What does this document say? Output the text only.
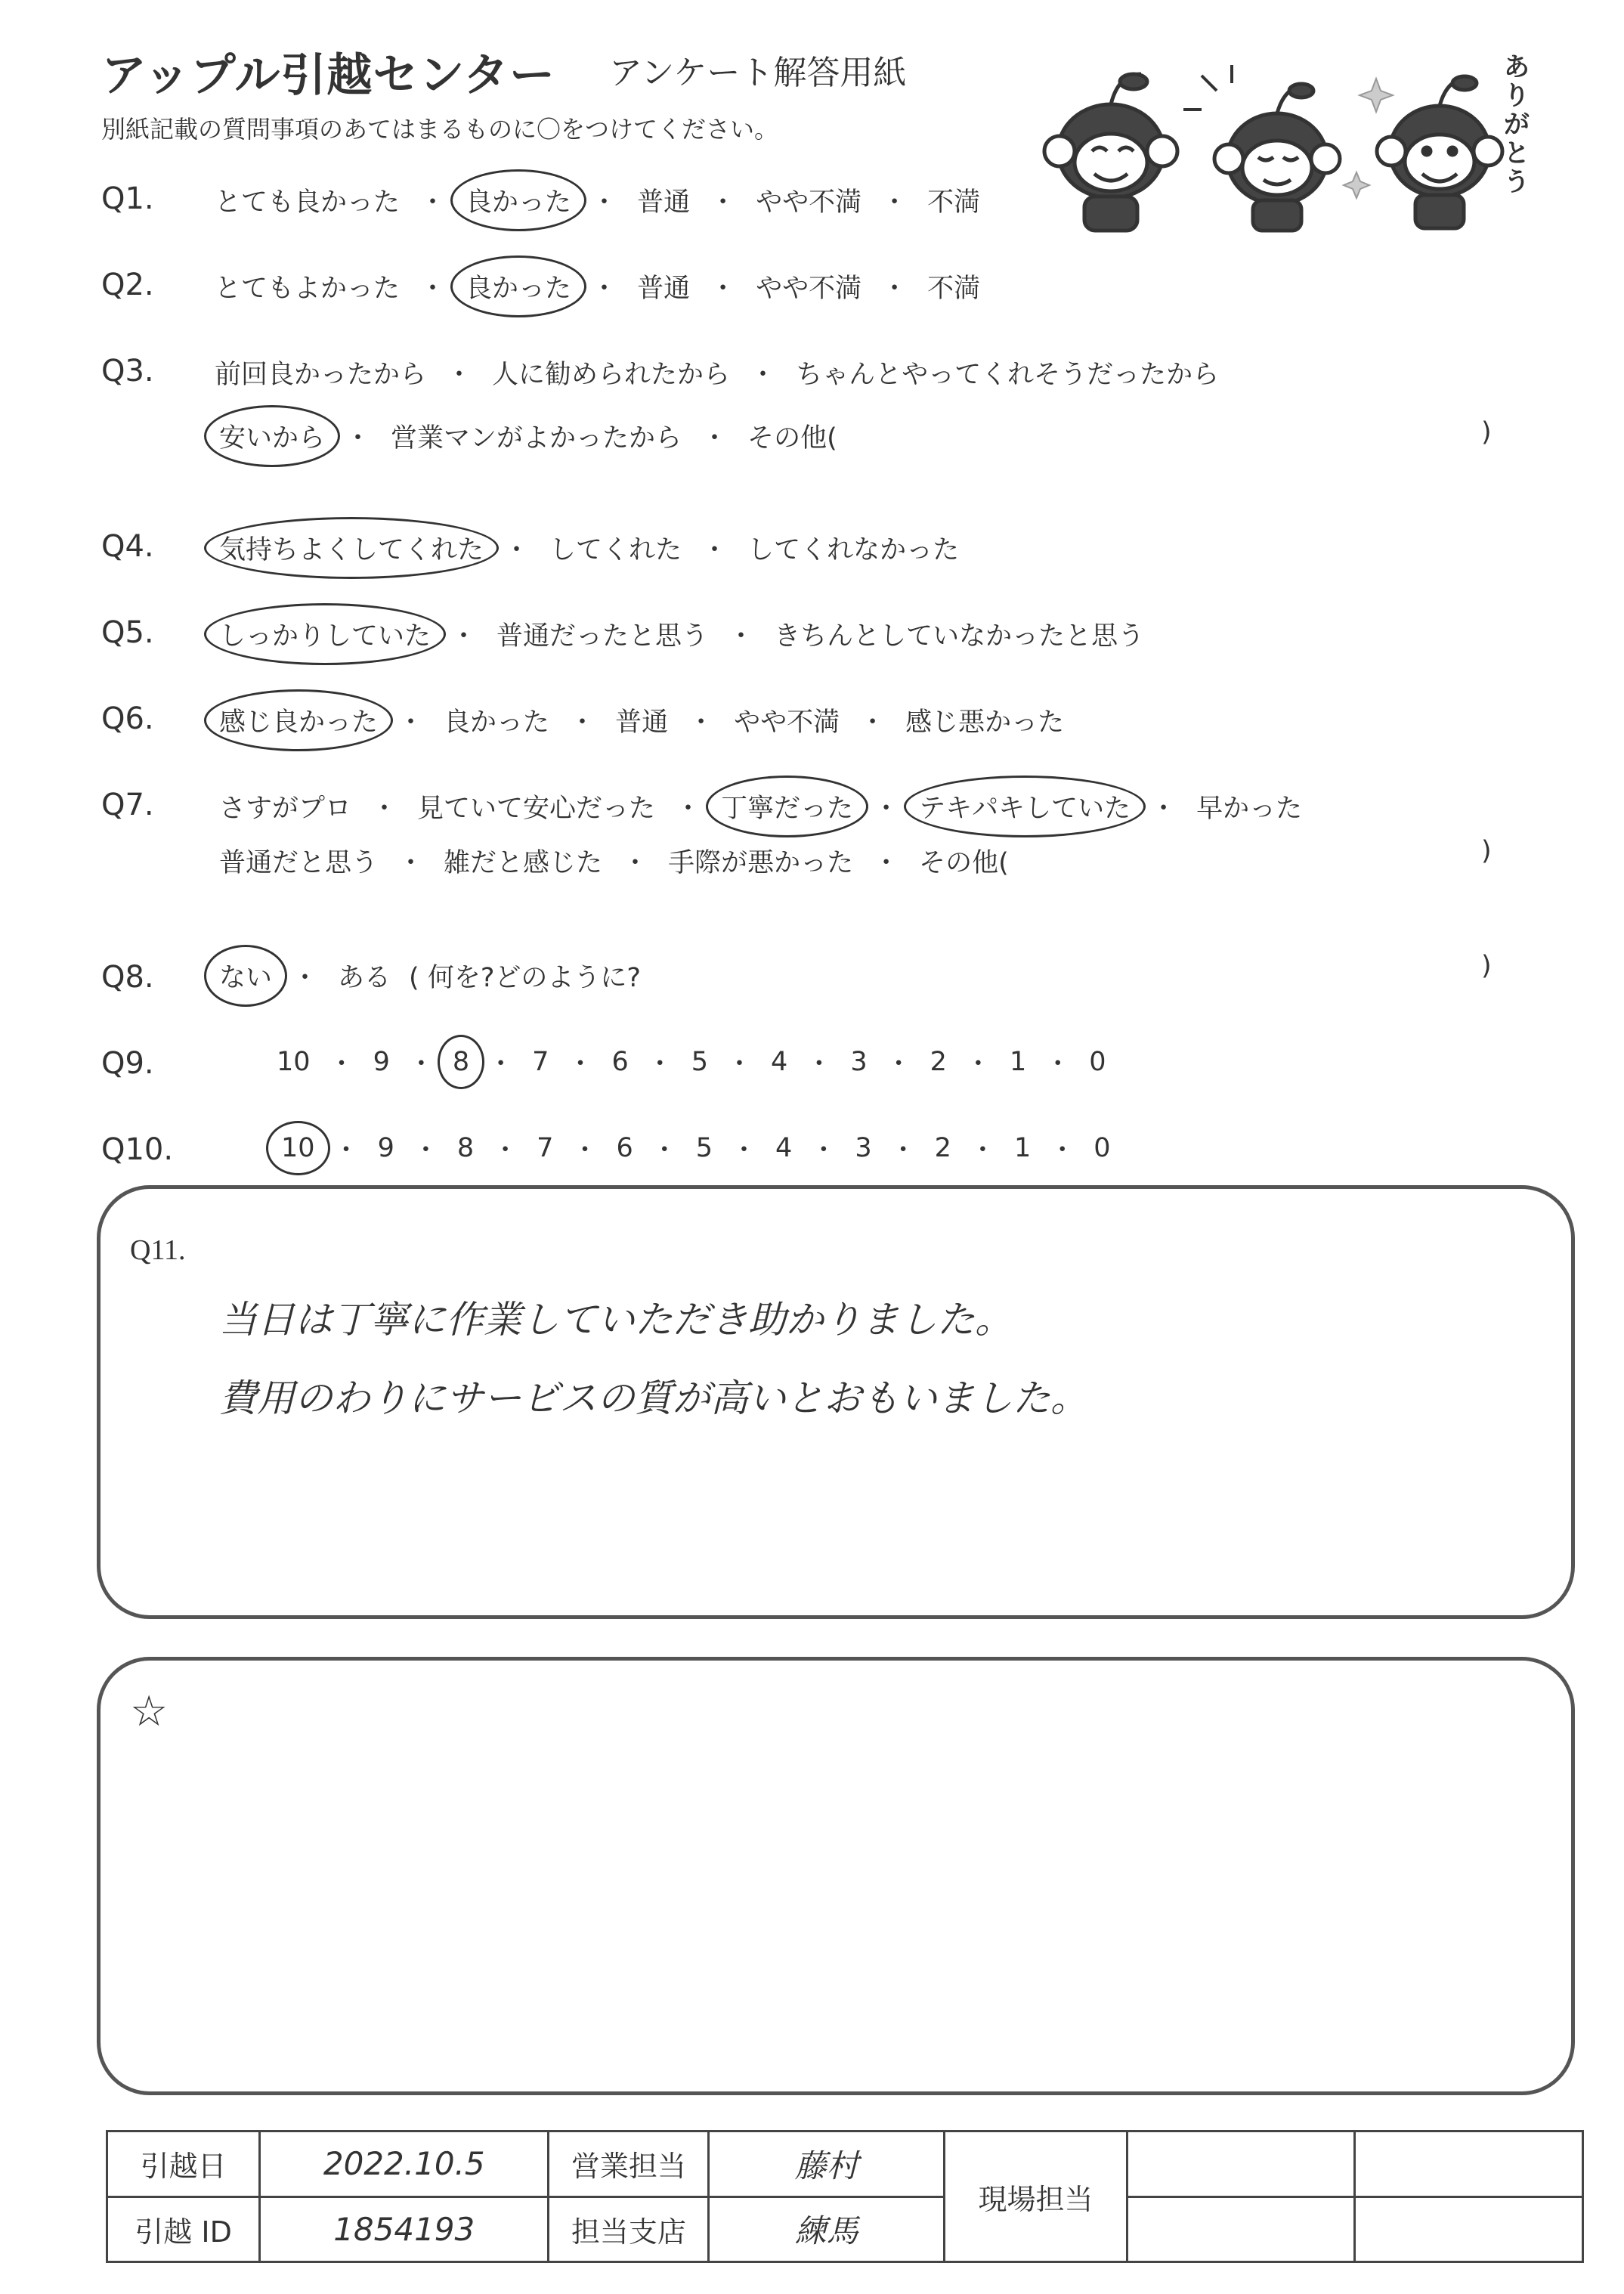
アップル引越センター アンケート解答用紙
別紙記載の質問事項のあてはまるものに〇をつけてください。
ありがとう
Q1. とても良かった ・ 良かった ・ 普通 ・ やや不満 ・ 不満
Q2. とてもよかった ・ 良かった ・ 普通 ・ やや不満 ・ 不満
Q3. 前回良かったから ・ 人に勧められたから ・ ちゃんとやってくれそうだったから
安いから ・ 営業マンがよかったから ・ その他(	)
Q4. 気持ちよくしてくれた ・ してくれた ・ してくれなかった
Q5. しっかりしていた ・ 普通だったと思う ・ きちんとしていなかったと思う
Q6. 感じ良かった ・ 良かった ・ 普通 ・ やや不満 ・ 感じ悪かった
Q7. さすがプロ ・ 見ていて安心だった ・ 丁寧だった ・ テキパキしていた ・ 早かった
普通だと思う ・ 雑だと感じた ・ 手際が悪かった ・ その他(	)
Q8. ない ・ ある ( 何を?どのように?	)
Q9.	10 ・ 9 ・ 8 ・ 7 ・ 6 ・ 5 ・ 4 ・ 3 ・ 2 ・ 1 ・ 0
Q10.	10 ・ 9 ・ 8 ・ 7 ・ 6 ・ 5 ・ 4 ・ 3 ・ 2 ・ 1 ・ 0
Q11.
当日は丁寧に作業していただき助かりました。
費用のわりにサービスの質が高いとおもいました。
☆
引越日	2022.10.5	営業担当	藤村	現場担当		
引越 ID	1854193	担当支店	練馬			
